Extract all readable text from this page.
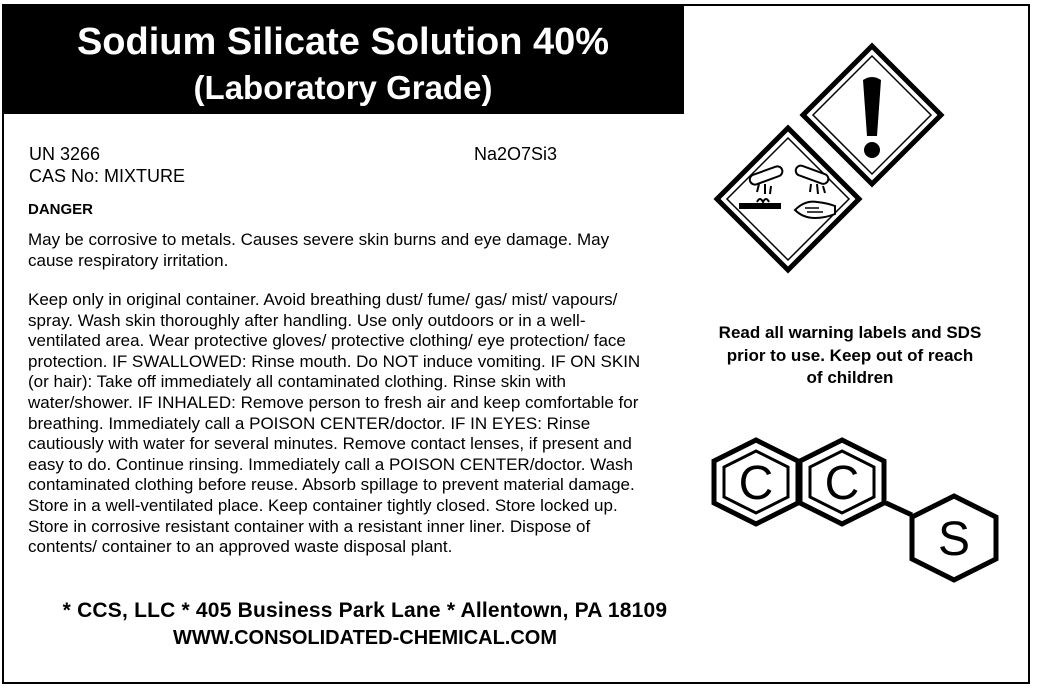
Sodium Silicate Solution 40%
(Laboratory Grade)
UN 3266
CAS No: MIXTURE
Na2O7Si3
DANGER
May be corrosive to metals. Causes severe skin burns and eye damage. May cause respiratory irritation.
Keep only in original container. Avoid breathing dust/ fume/ gas/ mist/ vapours/ spray. Wash skin thoroughly after handling. Use only outdoors or in a well-ventilated area. Wear protective gloves/ protective clothing/ eye protection/ face protection. IF SWALLOWED: Rinse mouth. Do NOT induce vomiting. IF ON SKIN (or hair): Take off immediately all contaminated clothing. Rinse skin with water/shower. IF INHALED: Remove person to fresh air and keep comfortable for breathing. Immediately call a POISON CENTER/doctor. IF IN EYES: Rinse cautiously with water for several minutes. Remove contact lenses, if present and easy to do. Continue rinsing. Immediately call a POISON CENTER/doctor. Wash contaminated clothing before reuse. Absorb spillage to prevent material damage. Store in a well-ventilated place. Keep container tightly closed. Store locked up. Store in corrosive resistant container with a resistant inner liner. Dispose of contents/ container to an approved waste disposal plant.
Read all warning labels and SDS prior to use. Keep out of reach of children
C C
S
* CCS, LLC * 405 Business Park Lane * Allentown, PA 18109
WWW.CONSOLIDATED-CHEMICAL.COM
